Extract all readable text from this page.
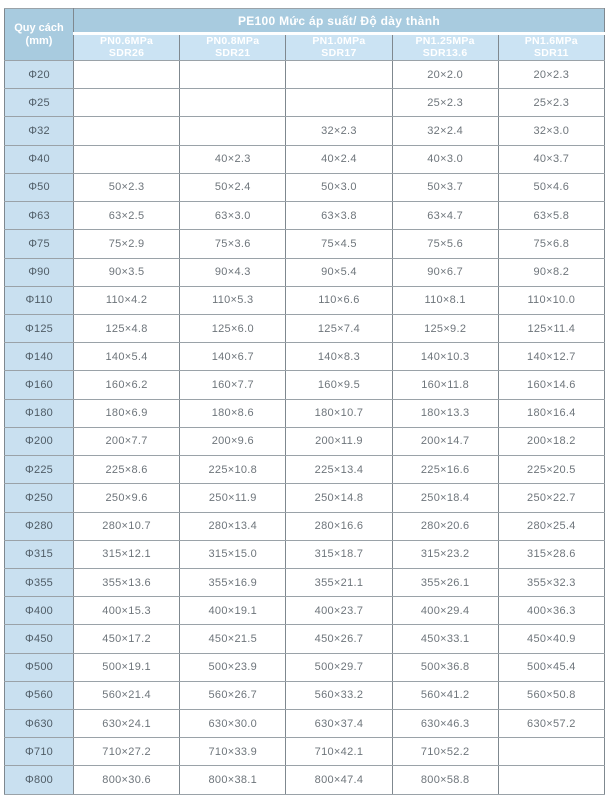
Quy cách
(mm)	PE100 Mức áp suất/ Độ dày thành				

PN0.6MPa
SDR26

PN0.8MPa
SDR21

PN1.0MPa
SDR17

PN1.25MPa
SDR13.6

PN1.6MPa
SDR11

Φ20				20×2.0	20×2.3
Φ25				25×2.3	25×2.3
Φ32			32×2.3	32×2.4	32×3.0
Φ40		40×2.3	40×2.4	40×3.0	40×3.7
Φ50	50×2.3	50×2.4	50×3.0	50×3.7	50×4.6
Φ63	63×2.5	63×3.0	63×3.8	63×4.7	63×5.8
Φ75	75×2.9	75×3.6	75×4.5	75×5.6	75×6.8
Φ90	90×3.5	90×4.3	90×5.4	90×6.7	90×8.2
Φ110	110×4.2	110×5.3	110×6.6	110×8.1	110×10.0
Φ125	125×4.8	125×6.0	125×7.4	125×9.2	125×11.4
Φ140	140×5.4	140×6.7	140×8.3	140×10.3	140×12.7
Φ160	160×6.2	160×7.7	160×9.5	160×11.8	160×14.6
Φ180	180×6.9	180×8.6	180×10.7	180×13.3	180×16.4
Φ200	200×7.7	200×9.6	200×11.9	200×14.7	200×18.2
Φ225	225×8.6	225×10.8	225×13.4	225×16.6	225×20.5
Φ250	250×9.6	250×11.9	250×14.8	250×18.4	250×22.7
Φ280	280×10.7	280×13.4	280×16.6	280×20.6	280×25.4
Φ315	315×12.1	315×15.0	315×18.7	315×23.2	315×28.6
Φ355	355×13.6	355×16.9	355×21.1	355×26.1	355×32.3
Φ400	400×15.3	400×19.1	400×23.7	400×29.4	400×36.3
Φ450	450×17.2	450×21.5	450×26.7	450×33.1	450×40.9
Φ500	500×19.1	500×23.9	500×29.7	500×36.8	500×45.4
Φ560	560×21.4	560×26.7	560×33.2	560×41.2	560×50.8
Φ630	630×24.1	630×30.0	630×37.4	630×46.3	630×57.2
Φ710	710×27.2	710×33.9	710×42.1	710×52.2	
Φ800	800×30.6	800×38.1	800×47.4	800×58.8	
